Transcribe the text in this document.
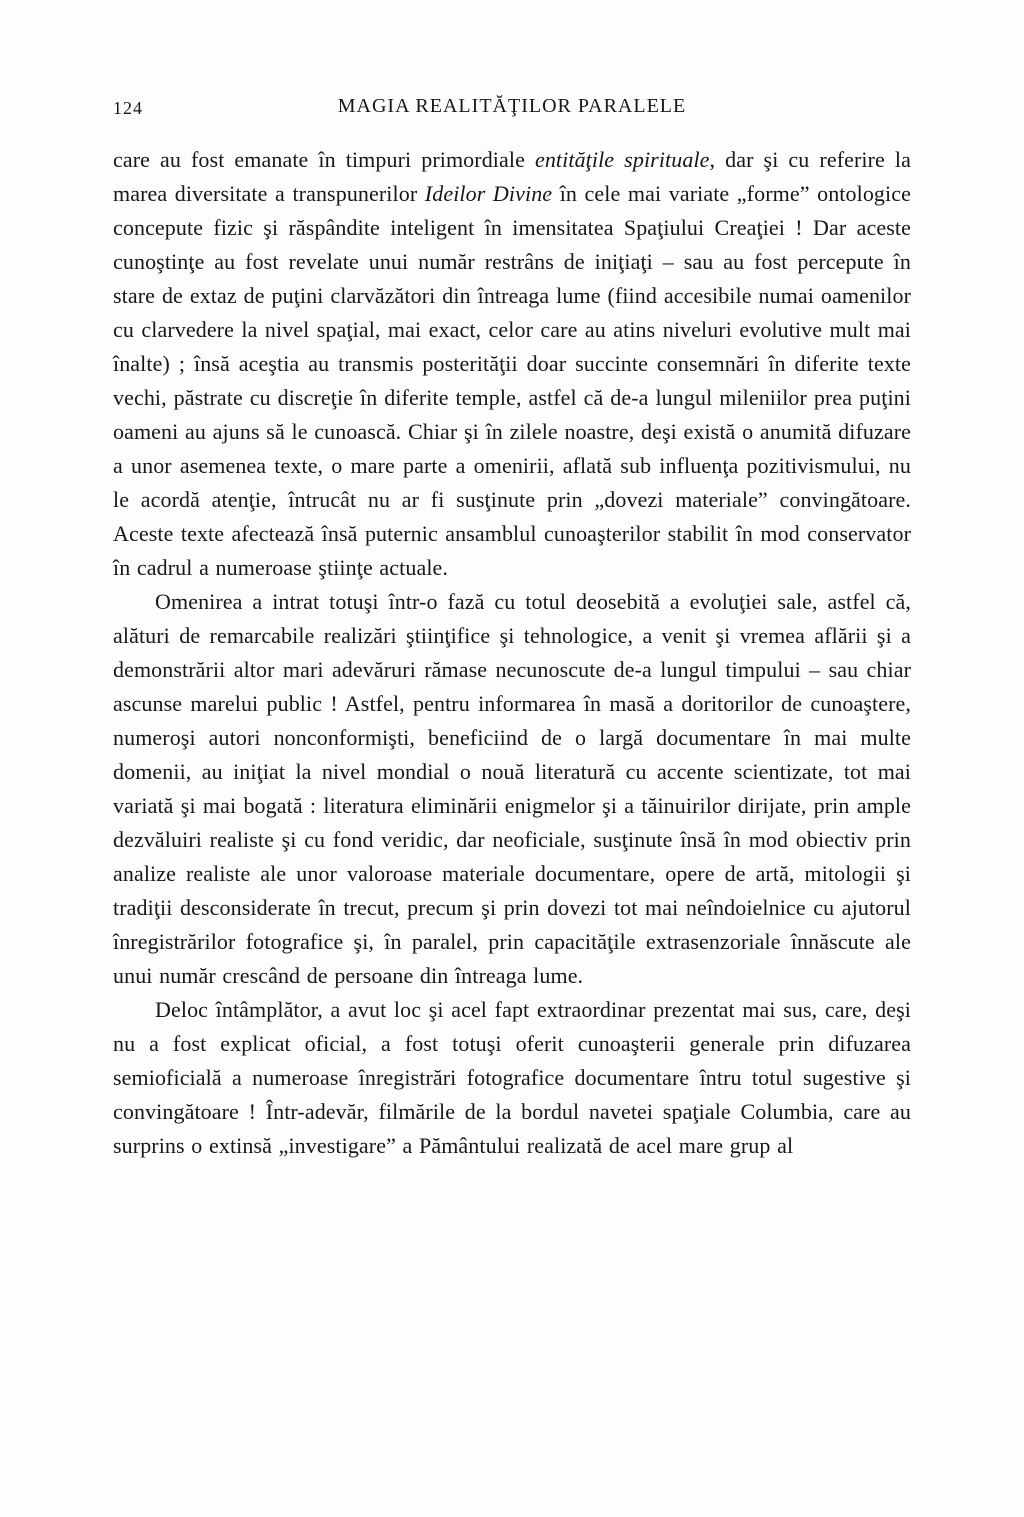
124	MAGIA REALITĂŢILOR PARALELE

care au fost emanate în timpuri primordiale entităţile spirituale, dar şi cu referire la marea diversitate a transpunerilor Ideilor Divine în cele mai variate „forme” ontologice concepute fizic şi răspândite inteligent în imensitatea Spaţiului Creaţiei ! Dar aceste cunoştinţe au fost revelate unui număr restrâns de iniţiaţi – sau au fost percepute în stare de extaz de puţini clarvăzători din întreaga lume (fiind accesibile numai oamenilor cu clarvedere la nivel spaţial, mai exact, celor care au atins niveluri evolutive mult mai înalte) ; însă aceştia au transmis posterităţii doar succinte consemnări în diferite texte vechi, păstrate cu discreţie în diferite temple, astfel că de-a lungul mileniilor prea puţini oameni au ajuns să le cunoască. Chiar şi în zilele noastre, deşi există o anumită difuzare a unor asemenea texte, o mare parte a omenirii, aflată sub influenţa pozitivismului, nu le acordă atenţie, întrucât nu ar fi susţinute prin „dovezi materiale” convingătoare. Aceste texte afectează însă puternic ansamblul cunoaşterilor stabilit în mod conservator în cadrul a numeroase ştiinţe actuale.

Omenirea a intrat totuşi într-o fază cu totul deosebită a evoluţiei sale, astfel că, alături de remarcabile realizări ştiinţifice şi tehnologice, a venit şi vremea aflării şi a demonstrării altor mari adevăruri rămase necunoscute de-a lungul timpului – sau chiar ascunse marelui public ! Astfel, pentru informarea în masă a doritorilor de cunoaştere, numeroşi autori nonconformişti, beneficiind de o largă documentare în mai multe domenii, au iniţiat la nivel mondial o nouă literatură cu accente scientizate, tot mai variată şi mai bogată : literatura eliminării enigmelor şi a tăinuirilor dirijate, prin ample dezvăluiri realiste şi cu fond veridic, dar neoficiale, susţinute însă în mod obiectiv prin analize realiste ale unor valoroase materiale documentare, opere de artă, mitologii şi tradiţii desconsiderate în trecut, precum şi prin dovezi tot mai neîndoielnice cu ajutorul înregistrărilor fotografice şi, în paralel, prin capacităţile extrasenzoriale înnăscute ale unui număr crescând de persoane din întreaga lume.

Deloc întâmplător, a avut loc şi acel fapt extraordinar prezentat mai sus, care, deşi nu a fost explicat oficial, a fost totuşi oferit cunoaşterii generale prin difuzarea semioficială a numeroase înregistrări fotografice documentare întru totul sugestive şi convingătoare ! Într-adevăr, filmările de la bordul navetei spaţiale Columbia, care au surprins o extinsă „investigare” a Pământului realizată de acel mare grup al
